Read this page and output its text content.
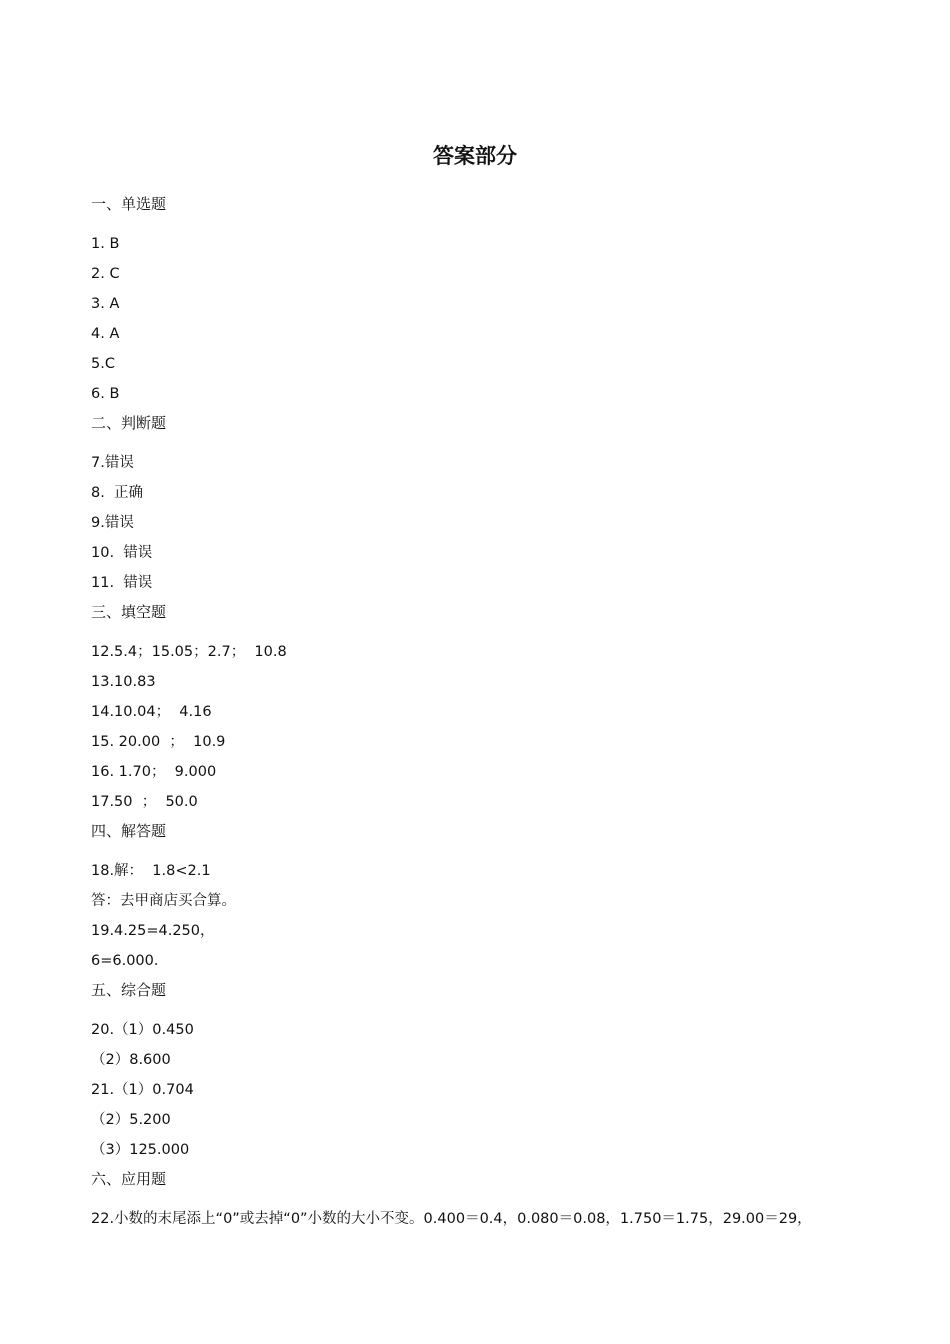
答案部分
一、单选题
1. B
2. C
3. A
4. A
5.C
6. B
二、判断题
7.错误
8.  正确
9.错误
10.  错误
11.  错误
三、填空题
12.5.4；15.05；2.7；  10.8
13.10.83
14.10.04；  4.16
15. 20.00  ；  10.9
16. 1.70；  9.000
17.50  ；  50.0
四、解答题
18.解：  1.8<2.1
答：去甲商店买合算。
19.4.25=4.250，
6=6.000．
五、综合题
20.（1）0.450
（2）8.600
21.（1）0.704
（2）5.200
（3）125.000
六、应用题
22.小数的末尾添上“0”或去掉“0”小数的大小不变。0.400＝0.4，0.080＝0.08，1.750＝1.75，29.00＝29，
